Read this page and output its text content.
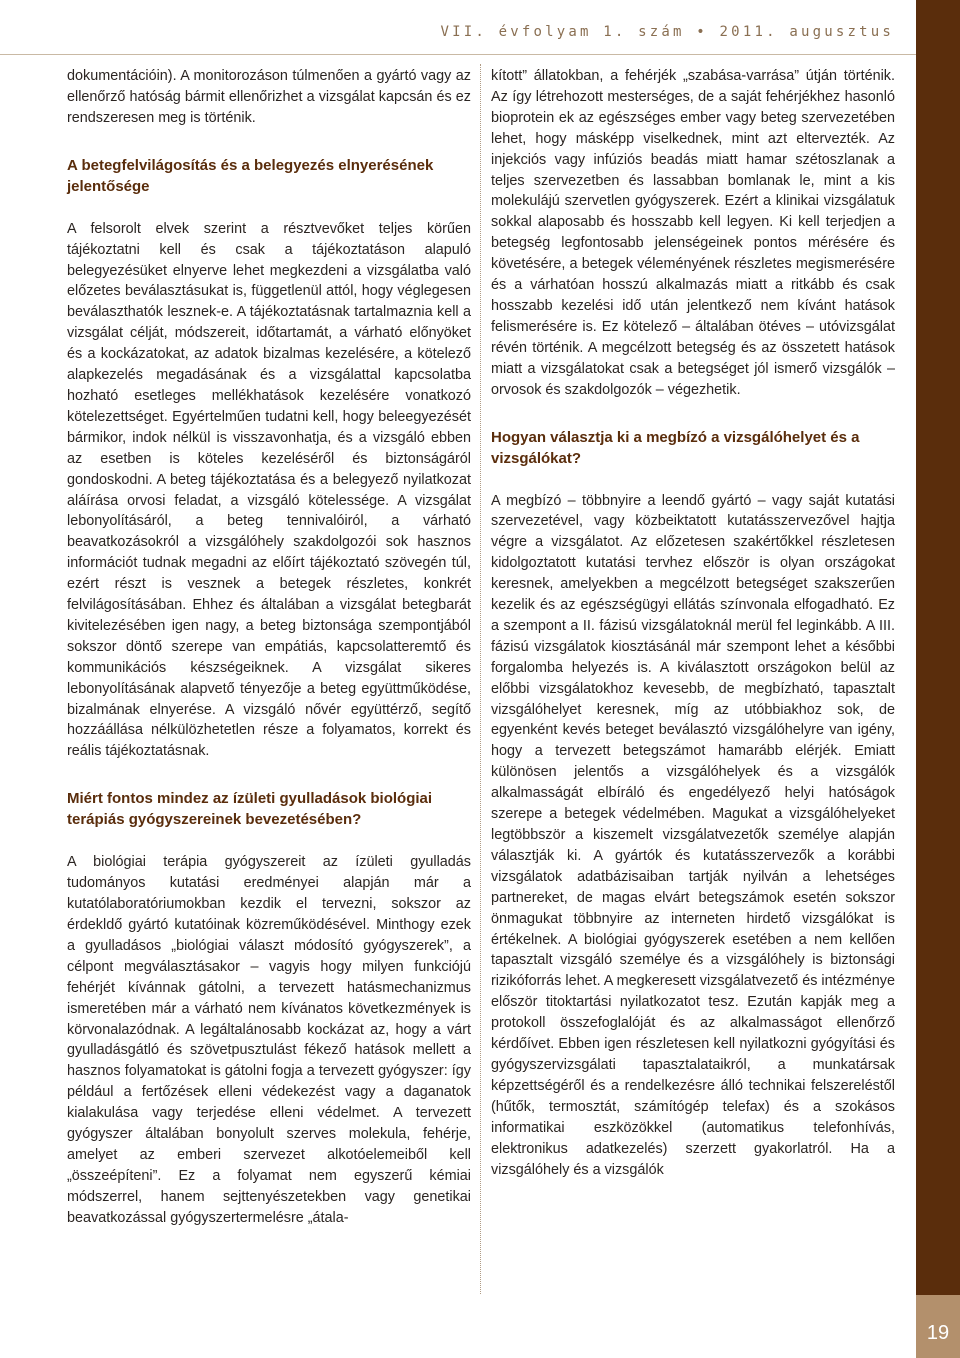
VII. évfolyam 1. szám • 2011. augusztus
19

dokumentációin). A monitorozáson túlmenően a gyártó vagy az ellenőrző hatóság bármit ellenőrizhet a vizsgálat kapcsán és ez rendszeresen meg is történik.

A betegfelvilágosítás és a belegyezés elnyerésének jelentősége

A felsorolt elvek szerint a résztvevőket teljes körűen tájékoztatni kell és csak a tájékoztatáson alapuló belegyezésüket elnyerve lehet megkezdeni a vizsgálatba való előzetes beválasztásukat is, függetlenül attól, hogy véglegesen beválaszthatók lesznek-e. A tájékoztatásnak tartalmaznia kell a vizsgálat célját, módszereit, időtartamát, a várható előnyöket és a kockázatokat, az adatok bizalmas kezelésére, a kötelező alapkezelés megadásának és a vizsgálattal kapcsolatba hozható esetleges mellékhatások kezelésére vonatkozó kötelezettséget. Egyértelműen tudatni kell, hogy beleegyezését bármikor, indok nélkül is visszavonhatja, és a vizsgáló ebben az esetben is köteles kezeléséről és biztonságáról gondoskodni. A beteg tájékoztatása és a belegyező nyilatkozat aláírása orvosi feladat, a vizsgáló kötelessége. A vizsgálat lebonyolításáról, a beteg tennivalóiról, a várható beavatkozásokról a vizsgálóhely szakdolgozói sok hasznos információt tudnak megadni az előírt tájékoztató szövegén túl, ezért részt is vesznek a betegek részletes, konkrét felvilágosításában. Ehhez és általában a vizsgálat betegbarát kivitelezésében igen nagy, a beteg biztonsága szempontjából sokszor döntő szerepe van empátiás, kapcsolatteremtő és kommunikációs készségeiknek. A vizsgálat sikeres lebonyolításának alapvető tényezője a beteg együttműködése, bizalmának elnyerése. A vizsgáló nővér együttérző, segítő hozzáállása nélkülözhetetlen része a folyamatos, korrekt és reális tájékoztatásnak.

Miért fontos mindez az ízületi gyulladások biológiai terápiás gyógyszereinek bevezetésében?

A biológiai terápia gyógyszereit az ízületi gyulladás tudományos kutatási eredményei alapján már a kutatólaboratóriumokban kezdik el tervezni, sokszor az érdekldő gyártó kutatóinak közreműködésével. Minthogy ezek a gyulladásos „biológiai választ módosító gyógyszerek”, a célpont megválasztásakor – vagyis hogy milyen funkciójú fehérjét kívánnak gátolni, a tervezett hatásmechanizmus ismeretében már a várható nem kívánatos következmények is körvonalazódnak. A legáltalánosabb kockázat az, hogy a várt gyulladásgátló és szövetpusztulást fékező hatások mellett a hasznos folyamatokat is gátolni fogja a tervezett gyógyszer: így például a fertőzések elleni védekezést vagy a daganatok kialakulása vagy terjedése elleni védelmet. A tervezett gyógyszer általában bonyolult szerves molekula, fehérje, amelyet az emberi szervezet alkotóelemeiből kell „összeépíteni”. Ez a folyamat nem egyszerű kémiai módszerrel, hanem sejttenyészetekben vagy genetikai beavatkozással gyógyszertermelésre „átala-

kított” állatokban, a fehérjék „szabása-varrása” útján történik. Az így létrehozott mesterséges, de a saját fehérjékhez hasonló bioprotein ek az egészséges ember vagy beteg szervezetében lehet, hogy másképp viselkednek, mint azt eltervezték. Az injekciós vagy infúziós beadás miatt hamar szétoszlanak a teljes szervezetben és lassabban bomlanak le, mint a kis molekulájú szervetlen gyógyszerek. Ezért a klinikai vizsgálatuk sokkal alaposabb és hosszabb kell legyen. Ki kell terjedjen a betegség legfontosabb jelenségeinek pontos mérésére és követésére, a betegek véleményének részletes megismerésére és a várhatóan hosszú alkalmazás miatt a ritkább és csak hosszabb kezelési idő után jelentkező nem kívánt hatások felismerésére is. Ez kötelező – általában ötéves – utóvizsgálat révén történik. A megcélzott betegség és az összetett hatások miatt a vizsgálatokat csak a betegséget jól ismerő vizsgálók – orvosok és szakdolgozók – végezhetik.

Hogyan választja ki a megbízó a vizsgálóhelyet és a vizsgálókat?

A megbízó – többnyire a leendő gyártó – vagy saját kutatási szervezetével, vagy közbeiktatott kutatásszervezővel hajtja végre a vizsgálatot. Az előzetesen szakértőkkel részletesen kidolgoztatott kutatási tervhez először is olyan országokat keresnek, amelyekben a megcélzott betegséget szakszerűen kezelik és az egészségügyi ellátás színvonala elfogadható. Ez a szempont a II. fázisú vizsgálatoknál merül fel leginkább. A III. fázisú vizsgálatok kiosztásánál már szempont lehet a későbbi forgalomba helyezés is. A kiválasztott országokon belül az előbbi vizsgálatokhoz kevesebb, de megbízható, tapasztalt vizsgálóhelyet keresnek, míg az utóbbiakhoz sok, de egyenként kevés beteget beválasztó vizsgálóhelyre van igény, hogy a tervezett betegszámot hamarább elérjék. Emiatt különösen jelentős a vizsgálóhelyek és a vizsgálók alkalmasságát elbíráló és engedélyező helyi hatóságok szerepe a betegek védelmében. Magukat a vizsgálóhelyeket legtöbbször a kiszemelt vizsgálatvezetők személye alapján választják ki. A gyártók és kutatásszervezők a korábbi vizsgálatok adatbázisaiban tartják nyilván a lehetséges partnereket, de magas elvárt betegszámok esetén sokszor önmagukat többnyire az interneten hirdető vizsgálókat is értékelnek. A biológiai gyógyszerek esetében a nem kellően tapasztalt vizsgáló személye és a vizsgálóhely is biztonsági rizikóforrás lehet. A megkeresett vizsgálatvezető és intézménye először titoktartási nyilatkozatot tesz. Ezután kapják meg a protokoll összefoglalóját és az alkalmasságot ellenőrző kérdőívet. Ebben igen részletesen kell nyilatkozni gyógyítási és gyógyszervizsgálati tapasztalataikról, a munkatársak képzettségéről és a rendelkezésre álló technikai felszereléstől (hűtők, termosztát, számítógép telefax) és a szokásos informatikai eszközökkel (automatikus telefonhívás, elektronikus adatkezelés) szerzett gyakorlatról. Ha a vizsgálóhely és a vizsgálók
